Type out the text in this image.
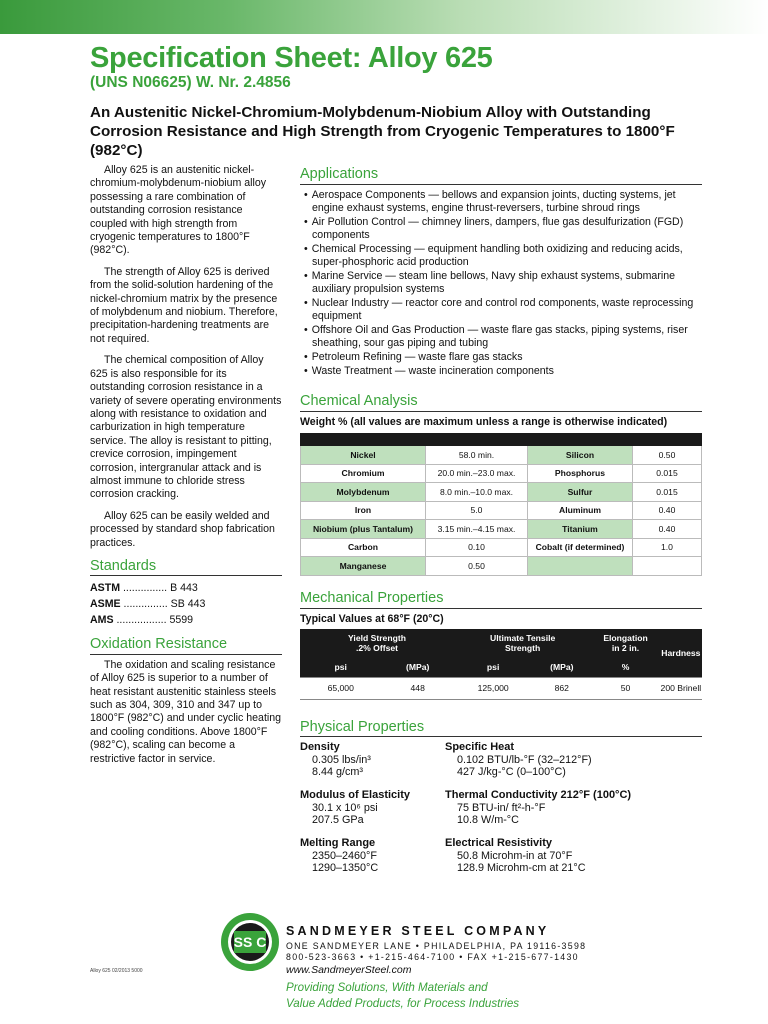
Specification Sheet: Alloy 625
(UNS N06625) W. Nr. 2.4856
An Austenitic Nickel-Chromium-Molybdenum-Niobium Alloy with Outstanding Corrosion Resistance and High Strength from Cryogenic Temperatures to 1800°F (982°C)

Alloy 625 is an austenitic nickel-chromium-molybdenum-niobium alloy possessing a rare combination of outstanding corrosion resistance coupled with high strength from cryogenic temperatures to 1800°F (982°C).

The strength of Alloy 625 is derived from the solid-solution hardening of the nickel-chromium matrix by the presence of molybdenum and niobium. Therefore, precipitation-hardening treatments are not required.

The chemical composition of Alloy 625 is also responsible for its outstanding corrosion resistance in a variety of severe operating environments along with resistance to oxidation and carburization in high temperature service. The alloy is resistant to pitting, crevice corrosion, impingement corrosion, intergranular attack and is almost immune to chloride stress corrosion cracking.

Alloy 625 can be easily welded and processed by standard shop fabrication practices.

Standards
ASTM ............... B 443
ASME ............... SB 443
AMS ................. 5599
Oxidation Resistance

The oxidation and scaling resistance of Alloy 625 is superior to a number of heat resistant austenitic stainless steels such as 304, 309, 310 and 347 up to 1800°F (982°C) and under cyclic heating and cooling conditions. Above 1800°F (982°C), scaling can become a restrictive factor in service.

Applications
• Aerospace Components — bellows and expansion joints, ducting systems, jet engine exhaust systems, engine thrust-reversers, turbine shroud rings
• Air Pollution Control — chimney liners, dampers, flue gas desulfurization (FGD) components
• Chemical Processing — equipment handling both oxidizing and reducing acids, super-phosphoric acid production
• Marine Service — steam line bellows, Navy ship exhaust systems, submarine auxiliary propulsion systems
• Nuclear Industry — reactor core and control rod components, waste reprocessing equipment
• Offshore Oil and Gas Production — waste flare gas stacks, piping systems, riser sheathing, sour gas piping and tubing
• Petroleum Refining — waste flare gas stacks
• Waste Treatment — waste incineration components
Chemical Analysis
Weight % (all values are maximum unless a range is otherwise indicated)

Nickel	58.0 min.	Silicon	0.50
Chromium	20.0 min.–23.0 max.	Phosphorus	0.015
Molybdenum	8.0 min.–10.0 max.	Sulfur	0.015
Iron	5.0	Aluminum	0.40
Niobium (plus Tantalum)	3.15 min.–4.15 max.	Titanium	0.40
Carbon	0.10	Cobalt (if determined)	1.0
Manganese	0.50		
Mechanical Properties
Typical Values at 68°F (20°C)
Yield Strength .2% Offset		Ultimate Tensile Strength		Elongation in 2 in.	Hardness
psi	(MPa)	psi	(MPa)	%	
65,000	448	125,000	862	50	200 Brinell
Physical Properties
Density
0.305 lbs/in³
8.44 g/cm³
Modulus of Elasticity
30.1 x 10⁶ psi
207.5 GPa
Melting Range
2350–2460°F
1290–1350°C
Specific Heat
0.102 BTU/lb-°F (32–212°F)
427 J/kg-°C (0–100°C)
Thermal Conductivity 212°F (100°C)
75 BTU-in/ ft²-h-°F
10.8 W/m-°C
Electrical Resistivity
50.8 Microhm-in at 70°F
128.9 Microhm-cm at 21°C
Alloy 625 02/2013 5000
SS C
SANDMEYER STEEL COMPANY
ONE SANDMEYER LANE • PHILADELPHIA, PA 19116-3598
800-523-3663 • +1-215-464-7100 • FAX +1-215-677-1430
www.SandmeyerSteel.com
Providing Solutions, With Materials and
Value Added Products, for Process Industries
